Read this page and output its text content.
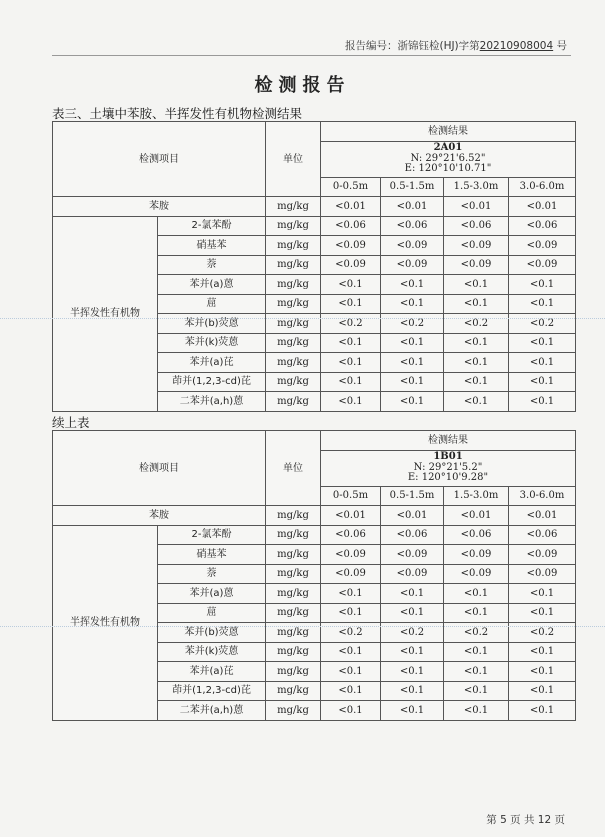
报告编号：浙锦钰检(HJ)字第20210908004 号
检测报告
表三、土壤中苯胺、半挥发性有机物检测结果
检测项目		单位	检测结果			
			2A01
N: 29°21'6.52"
E: 120°10'10.71"			

			0-0.5m	0.5-1.5m	1.5-3.0m	3.0-6.0m
苯胺		mg/kg	<0.01	<0.01	<0.01	<0.01
半挥发性有机物	2-氯苯酚	mg/kg	<0.06	<0.06	<0.06	<0.06
	硝基苯	mg/kg	<0.09	<0.09	<0.09	<0.09
	萘	mg/kg	<0.09	<0.09	<0.09	<0.09
	苯并(a)蒽	mg/kg	<0.1	<0.1	<0.1	<0.1
	䓛	mg/kg	<0.1	<0.1	<0.1	<0.1
	苯并(b)荧蒽	mg/kg	<0.2	<0.2	<0.2	<0.2
	苯并(k)荧蒽	mg/kg	<0.1	<0.1	<0.1	<0.1
	苯并(a)芘	mg/kg	<0.1	<0.1	<0.1	<0.1
	茚并(1,2,3-cd)芘	mg/kg	<0.1	<0.1	<0.1	<0.1
	二苯并(a,h)蒽	mg/kg	<0.1	<0.1	<0.1	<0.1
续上表
检测项目		单位	检测结果			
			1B01
N: 29°21'5.2"
E: 120°10'9.28"			

			0-0.5m	0.5-1.5m	1.5-3.0m	3.0-6.0m
苯胺		mg/kg	<0.01	<0.01	<0.01	<0.01
半挥发性有机物	2-氯苯酚	mg/kg	<0.06	<0.06	<0.06	<0.06
	硝基苯	mg/kg	<0.09	<0.09	<0.09	<0.09
	萘	mg/kg	<0.09	<0.09	<0.09	<0.09
	苯并(a)蒽	mg/kg	<0.1	<0.1	<0.1	<0.1
	䓛	mg/kg	<0.1	<0.1	<0.1	<0.1
	苯并(b)荧蒽	mg/kg	<0.2	<0.2	<0.2	<0.2
	苯并(k)荧蒽	mg/kg	<0.1	<0.1	<0.1	<0.1
	苯并(a)芘	mg/kg	<0.1	<0.1	<0.1	<0.1
	茚并(1,2,3-cd)芘	mg/kg	<0.1	<0.1	<0.1	<0.1
	二苯并(a,h)蒽	mg/kg	<0.1	<0.1	<0.1	<0.1
第 5 页 共 12 页
